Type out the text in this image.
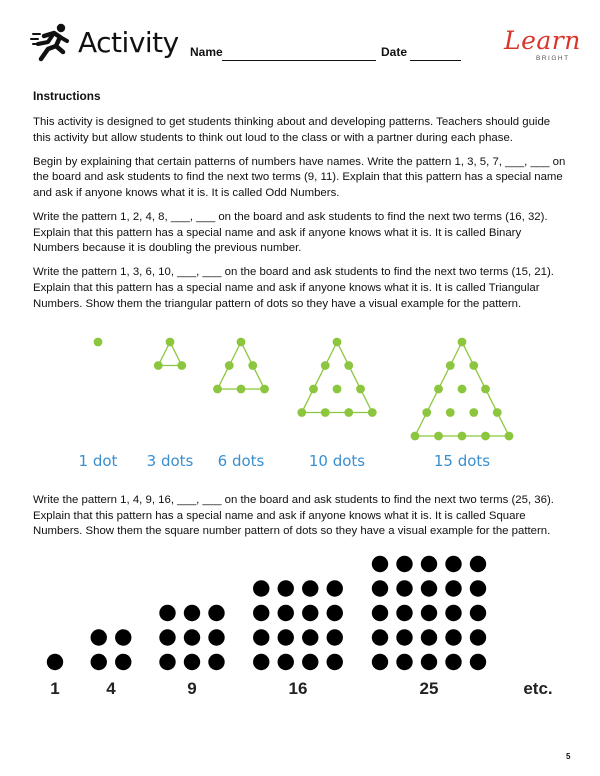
Activity Name	Date	Learn
BRIGHT
Instructions

This activity is designed to get students thinking about and developing patterns. Teachers should guide this activity but allow students to think out loud to the class or with a partner during each phase.

Begin by explaining that certain patterns of numbers have names. Write the pattern 1, 3, 5, 7, ___, ___ on the board and ask students to find the next two terms (9, 11). Explain that this pattern has a special name and ask if anyone knows what it is. It is called Odd Numbers.

Write the pattern 1, 2, 4, 8, ___, ___ on the board and ask students to find the next two terms (16, 32). Explain that this pattern has a special name and ask if anyone knows what it is. It is called Binary Numbers because it is doubling the previous number.

Write the pattern 1, 3, 6, 10, ___, ___ on the board and ask students to find the next two terms (15, 21). Explain that this pattern has a special name and ask if anyone knows what it is. It is called Triangular Numbers. Show them the triangular pattern of dots so they have a visual example for the pattern.

1 dot 3 dots 6 dots	10 dots	15 dots

Write the pattern 1, 4, 9, 16, ___, ___ on the board and ask students to find the next two terms (25, 36). Explain that this pattern has a special name and ask if anyone knows what it is. It is called Square Numbers. Show them the square number pattern of dots so they have a visual example for the pattern.

1	4	9	16	25	etc.
5
